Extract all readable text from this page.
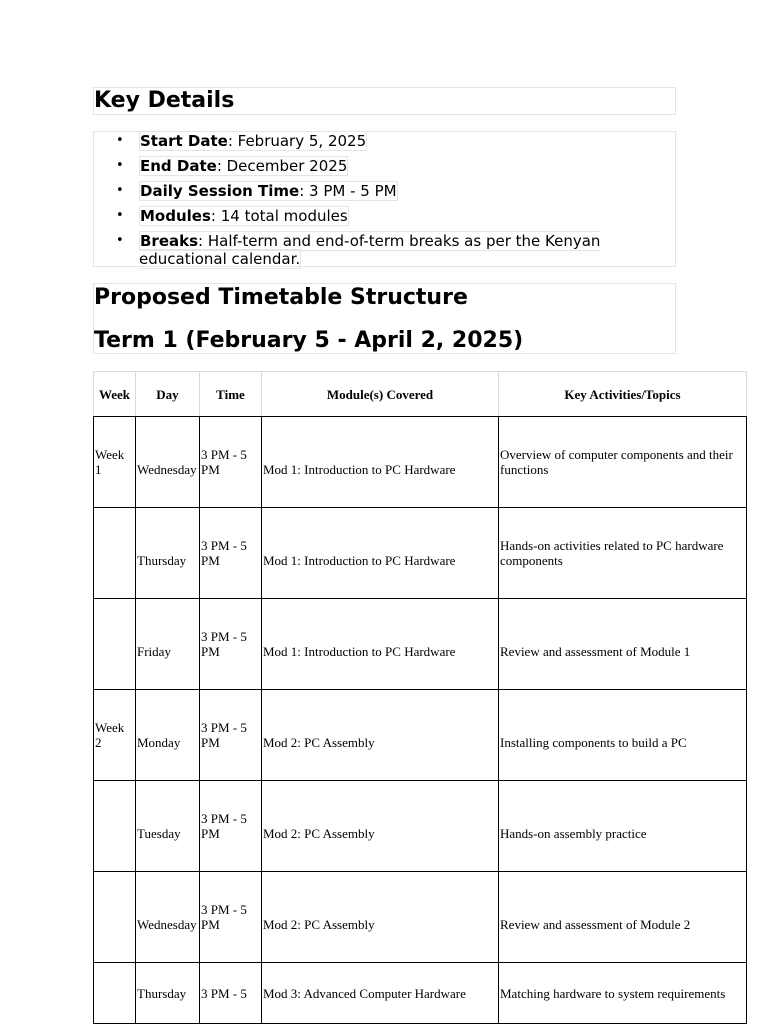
Key Details
• Start Date: February 5, 2025
• End Date: December 2025
• Daily Session Time: 3 PM - 5 PM
• Modules: 14 total modules
• Breaks: Half-term and end-of-term breaks as per the Kenyan educational calendar.
Proposed Timetable Structure
Term 1 (February 5 - April 2, 2025)
Week	Day	Time	Module(s) Covered	Key Activities/Topics
Week 1	Wednesday	3 PM - 5 PM	Mod 1: Introduction to PC Hardware	Overview of computer components and their functions
	Thursday	3 PM - 5 PM	Mod 1: Introduction to PC Hardware	Hands-on activities related to PC hardware components
	Friday	3 PM - 5 PM	Mod 1: Introduction to PC Hardware	Review and assessment of Module 1
Week 2	Monday	3 PM - 5 PM	Mod 2: PC Assembly	Installing components to build a PC
	Tuesday	3 PM - 5 PM	Mod 2: PC Assembly	Hands-on assembly practice
	Wednesday	3 PM - 5 PM	Mod 2: PC Assembly	Review and assessment of Module 2
	Thursday	3 PM - 5	Mod 3: Advanced Computer Hardware	Matching hardware to system requirements
